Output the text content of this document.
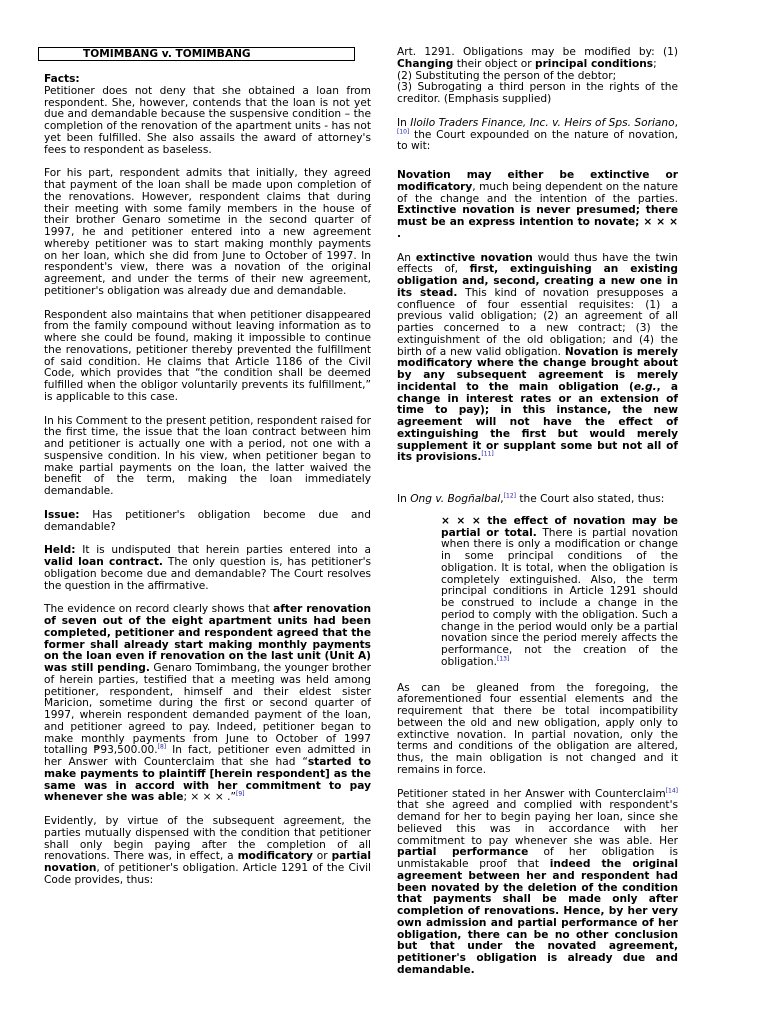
TOMIMBANG v. TOMIMBANG

Facts:
Petitioner does not deny that she obtained a loan from respondent. She, however, contends that the loan is not yet due and demandable because the suspensive condition – the completion of the renovation of the apartment units - has not yet been fulfilled. She also assails the award of attorney's fees to respondent as baseless.

For his part, respondent admits that initially, they agreed that payment of the loan shall be made upon completion of the renovations. However, respondent claims that during their meeting with some family members in the house of their brother Genaro sometime in the second quarter of 1997, he and petitioner entered into a new agreement whereby petitioner was to start making monthly payments on her loan, which she did from June to October of 1997. In respondent's view, there was a novation of the original agreement, and under the terms of their new agreement, petitioner's obligation was already due and demandable.

Respondent also maintains that when petitioner disappeared from the family compound without leaving information as to where she could be found, making it impossible to continue the renovations, petitioner thereby prevented the fulfillment of said condition. He claims that Article 1186 of the Civil Code, which provides that “the condition shall be deemed fulfilled when the obligor voluntarily prevents its fulfillment,” is applicable to this case.

In his Comment to the present petition, respondent raised for the first time, the issue that the loan contract between him and petitioner is actually one with a period, not one with a suspensive condition. In his view, when petitioner began to make partial payments on the loan, the latter waived the benefit of the term, making the loan immediately demandable.

Issue: Has petitioner's obligation become due and demandable?

Held: It is undisputed that herein parties entered into a valid loan contract. The only question is, has petitioner's obligation become due and demandable? The Court resolves the question in the affirmative.

The evidence on record clearly shows that after renovation of seven out of the eight apartment units had been completed, petitioner and respondent agreed that the former shall already start making monthly payments on the loan even if renovation on the last unit (Unit A) was still pending. Genaro Tomimbang, the younger brother of herein parties, testified that a meeting was held among petitioner, respondent, himself and their eldest sister Maricion, sometime during the first or second quarter of 1997, wherein respondent demanded payment of the loan, and petitioner agreed to pay. Indeed, petitioner began to make monthly payments from June to October of 1997 totalling ₱93,500.00.[8] In fact, petitioner even admitted in her Answer with Counterclaim that she had “started to make payments to plaintiff [herein respondent] as the same was in accord with her commitment to pay whenever she was able; × × × .”[9]

Evidently, by virtue of the subsequent agreement, the parties mutually dispensed with the condition that petitioner shall only begin paying after the completion of all renovations. There was, in effect, a modificatory or partial novation, of petitioner's obligation. Article 1291 of the Civil Code provides, thus:

Art. 1291. Obligations may be modified by: (1) Changing their object or principal conditions;
(2) Substituting the person of the debtor;
(3) Subrogating a third person in the rights of the creditor. (Emphasis supplied)

In Iloilo Traders Finance, Inc. v. Heirs of Sps. Soriano,[10] the Court expounded on the nature of novation, to wit:

Novation may either be extinctive or modificatory, much being dependent on the nature of the change and the intention of the parties. Extinctive novation is never presumed; there must be an express intention to novate; × × × .

An extinctive novation would thus have the twin effects of, first, extinguishing an existing obligation and, second, creating a new one in its stead. This kind of novation presupposes a confluence of four essential requisites: (1) a previous valid obligation; (2) an agreement of all parties concerned to a new contract; (3) the extinguishment of the old obligation; and (4) the birth of a new valid obligation. Novation is merely modificatory where the change brought about by any subsequent agreement is merely incidental to the main obligation (e.g., a change in interest rates or an extension of time to pay); in this instance, the new agreement will not have the effect of extinguishing the first but would merely supplement it or supplant some but not all of its provisions.[11]

In Ong v. Bogñalbal,[12] the Court also stated, thus:

× × × the effect of novation may be partial or total. There is partial novation when there is only a modification or change in some principal conditions of the obligation. It is total, when the obligation is completely extinguished. Also, the term principal conditions in Article 1291 should be construed to include a change in the period to comply with the obligation. Such a change in the period would only be a partial novation since the period merely affects the performance, not the creation of the obligation.[13]

As can be gleaned from the foregoing, the aforementioned four essential elements and the requirement that there be total incompatibility between the old and new obligation, apply only to extinctive novation. In partial novation, only the terms and conditions of the obligation are altered, thus, the main obligation is not changed and it remains in force.

Petitioner stated in her Answer with Counterclaim[14] that she agreed and complied with respondent's demand for her to begin paying her loan, since she believed this was in accordance with her commitment to pay whenever she was able. Her partial performance of her obligation is unmistakable proof that indeed the original agreement between her and respondent had been novated by the deletion of the condition that payments shall be made only after completion of renovations. Hence, by her very own admission and partial performance of her obligation, there can be no other conclusion but that under the novated agreement, petitioner's obligation is already due and demandable.
